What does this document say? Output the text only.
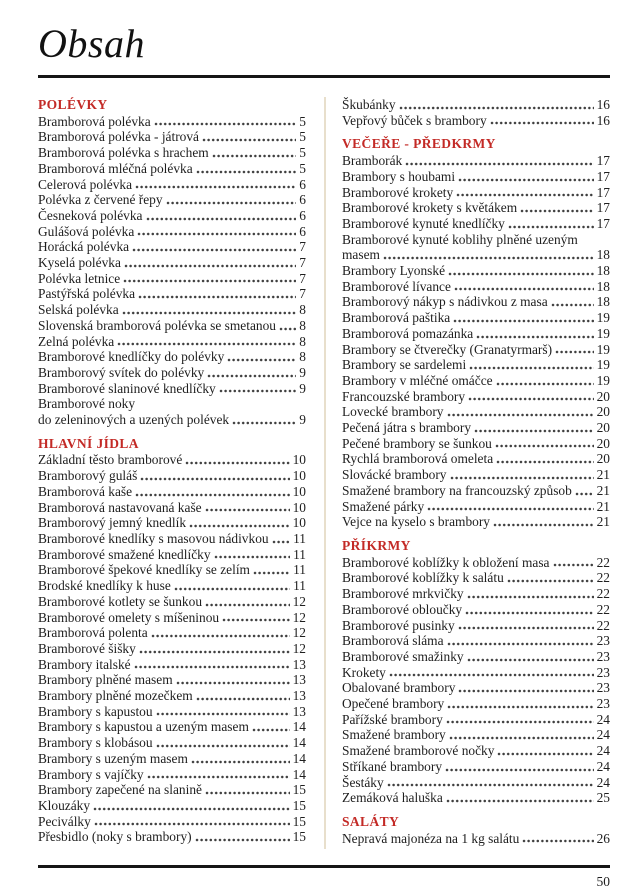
Obsah
POLÉVKY
Bramborová polévka	5
Bramborová polévka - játrová	5
Bramborová polévka s hrachem	5
Bramborová mléčná polévka	5
Celerová polévka	6
Polévka z červené řepy	6
Česneková polévka	6
Gulášová polévka	6
Horácká polévka	7
Kyselá polévka	7
Polévka letnice	7
Pastýřská polévka	7
Selská polévka	8
Slovenská bramborová polévka se smetanou 8
Zelná polévka	8
Bramborové knedlíčky do polévky	8
Bramborový svítek do polévky	9
Bramborové slaninové knedlíčky	9
Bramborové noky
do zeleninových a uzených polévek	9
HLAVNÍ JÍDLA
Základní těsto bramborové	10
Bramborový guláš	10
Bramborová kaše	10
Bramborová nastavovaná kaše	10
Bramborový jemný knedlík	10
Bramborové knedlíky s masovou nádivkou 11
Bramborové smažené knedlíčky	11
Bramborové špekové knedlíky se zelím	11
Brodské knedlíky k huse	11
Bramborové kotlety se šunkou	12
Bramborové omelety s míšeninou	12
Bramborová polenta	12
Bramborové šišky	12
Brambory italské	13
Brambory plněné masem	13
Brambory plněné mozečkem	13
Brambory s kapustou	13
Brambory s kapustou a uzeným masem	14
Brambory s klobásou	14
Brambory s uzeným masem	14
Brambory s vajíčky	14
Brambory zapečené na slanině	15
Klouzáky	15
Peciválky	15
Přesbidlo (noky s brambory)	15
Škubánky	16
Vepřový bůček s brambory	16
VEČEŘE - PŘEDKRMY
Bramborák	17
Brambory s houbami	17
Bramborové krokety	17
Bramborové krokety s květákem	17
Bramborové kynuté knedlíčky	17
Bramborové kynuté koblihy plněné uzeným
masem	18
Brambory Lyonské	18
Bramborové lívance	18
Bramborový nákyp s nádivkou z masa	18
Bramborová paštika	19
Bramborová pomazánka	19
Brambory se čtverečky (Granatyrmarš)	19
Brambory se sardelemi	19
Brambory v mléčné omáčce	19
Francouzské brambory	20
Lovecké brambory	20
Pečená játra s brambory	20
Pečené brambory se šunkou	20
Rychlá bramborová omeleta	20
Slovácké brambory	21
Smažené brambory na francouzský způsob 21
Smažené párky	21
Vejce na kyselo s brambory	21
PŘÍKRMY
Bramborové koblížky k obložení masa	22
Bramborové koblížky k salátu	22
Bramborové mrkvičky	22
Bramborové obloučky	22
Bramborové pusinky	22
Bramborová sláma	23
Bramborové smažinky	23
Krokety	23
Obalované brambory	23
Opečené brambory	23
Pařížské brambory	24
Smažené brambory	24
Smažené bramborové nočky	24
Stříkané brambory	24
Šestáky	24
Zemáková haluška	25
SALÁTY
Nepravá majonéza na 1 kg salátu	26
50
